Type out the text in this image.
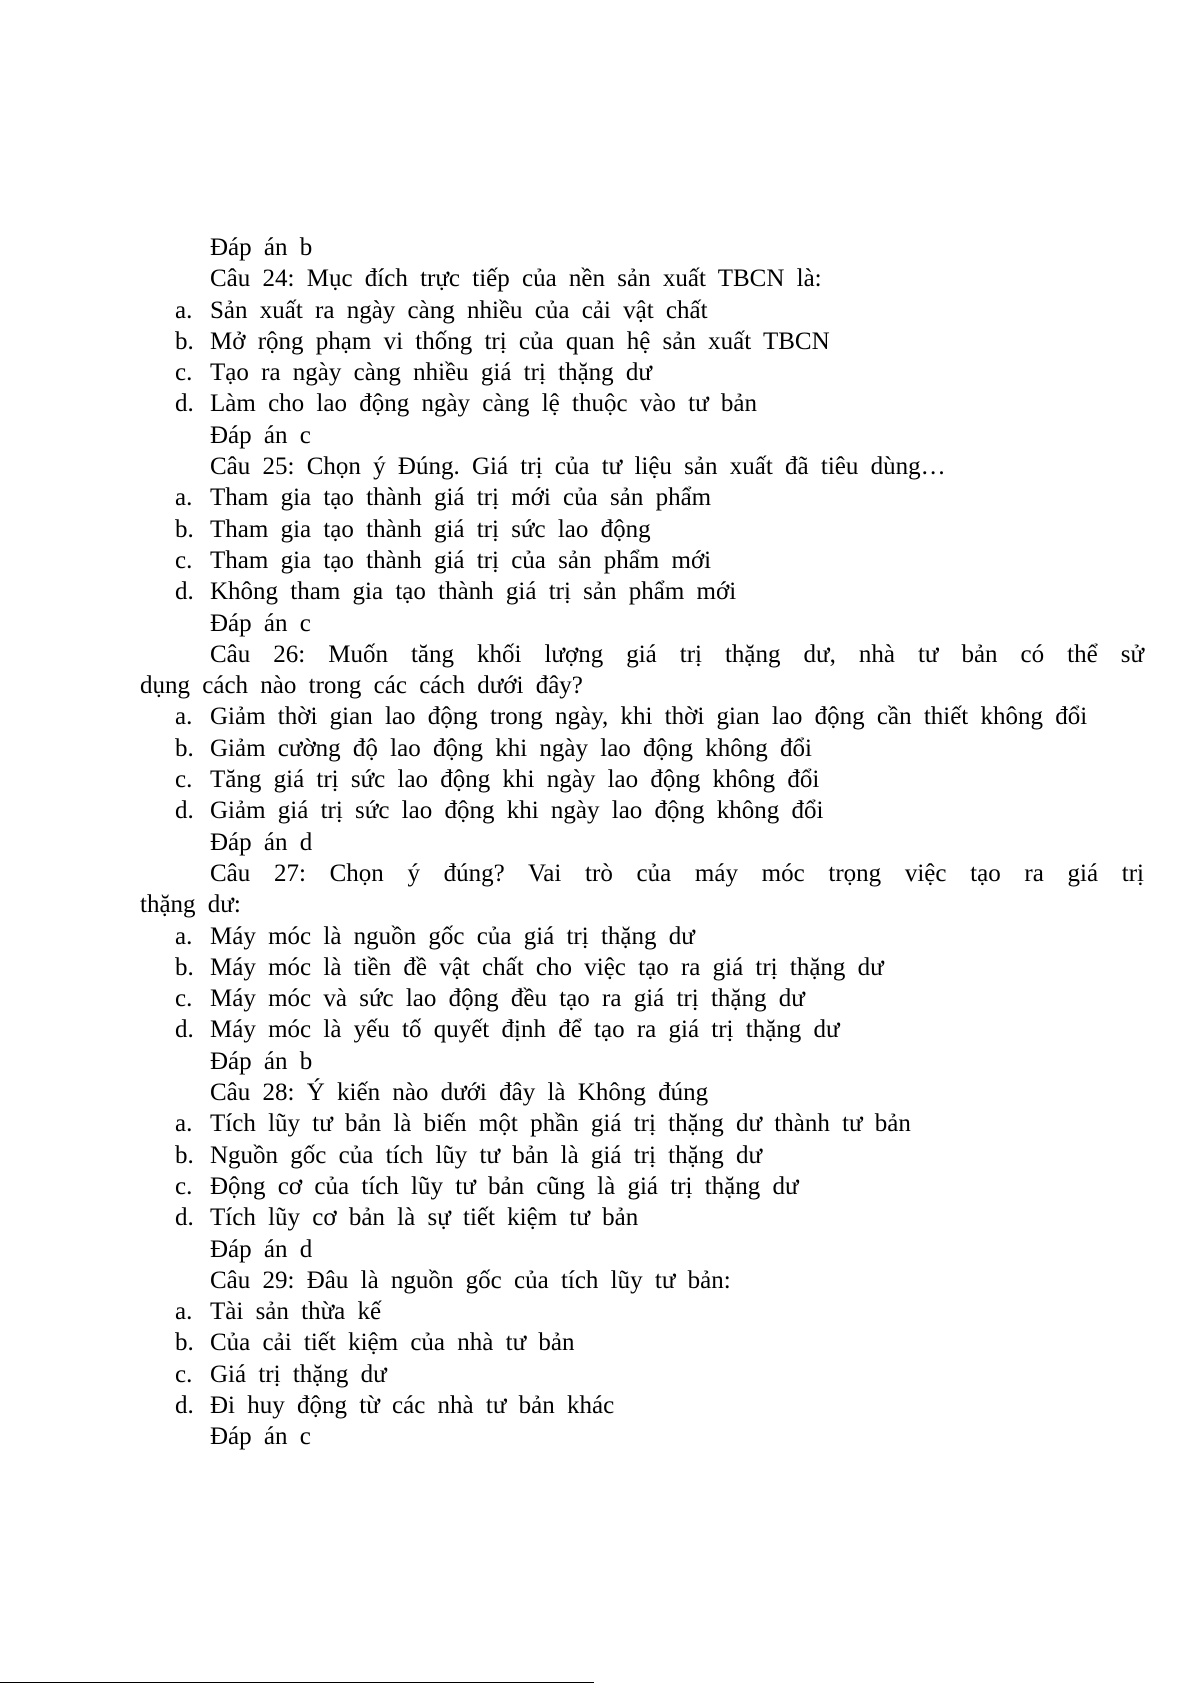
Đáp án b
Câu 24: Mục đích trực tiếp của nền sản xuất TBCN là:
a. Sản xuất ra ngày càng nhiều của cải vật chất
b. Mở rộng phạm vi thống trị của quan hệ sản xuất TBCN
c. Tạo ra ngày càng nhiều giá trị thặng dư
d. Làm cho lao động ngày càng lệ thuộc vào tư bản
Đáp án c
Câu 25: Chọn ý Đúng. Giá trị của tư liệu sản xuất đã tiêu dùng…
a. Tham gia tạo thành giá trị mới của sản phẩm
b. Tham gia tạo thành giá trị sức lao động
c. Tham gia tạo thành giá trị của sản phẩm mới
d. Không tham gia tạo thành giá trị sản phẩm mới
Đáp án c
Câu 26: Muốn tăng khối lượng giá trị thặng dư, nhà tư bản có thể sử
dụng cách nào trong các cách dưới đây?
a. Giảm thời gian lao động trong ngày, khi thời gian lao động cần thiết không đổi
b. Giảm cường độ lao động khi ngày lao động không đổi
c. Tăng giá trị sức lao động khi ngày lao động không đổi
d. Giảm giá trị sức lao động khi ngày lao động không đổi
Đáp án d
Câu 27: Chọn ý đúng? Vai trò của máy móc trọng việc tạo ra giá trị
thặng dư:
a. Máy móc là nguồn gốc của giá trị thặng dư
b. Máy móc là tiền đề vật chất cho việc tạo ra giá trị thặng dư
c. Máy móc và sức lao động đều tạo ra giá trị thặng dư
d. Máy móc là yếu tố quyết định để tạo ra giá trị thặng dư
Đáp án b
Câu 28: Ý kiến nào dưới đây là Không đúng
a. Tích lũy tư bản là biến một phần giá trị thặng dư thành tư bản
b. Nguồn gốc của tích lũy tư bản là giá trị thặng dư
c. Động cơ của tích lũy tư bản cũng là giá trị thặng dư
d. Tích lũy cơ bản là sự tiết kiệm tư bản
Đáp án d
Câu 29: Đâu là nguồn gốc của tích lũy tư bản:
a. Tài sản thừa kế
b. Của cải tiết kiệm của nhà tư bản
c. Giá trị thặng dư
d. Đi huy động từ các nhà tư bản khác
Đáp án c
